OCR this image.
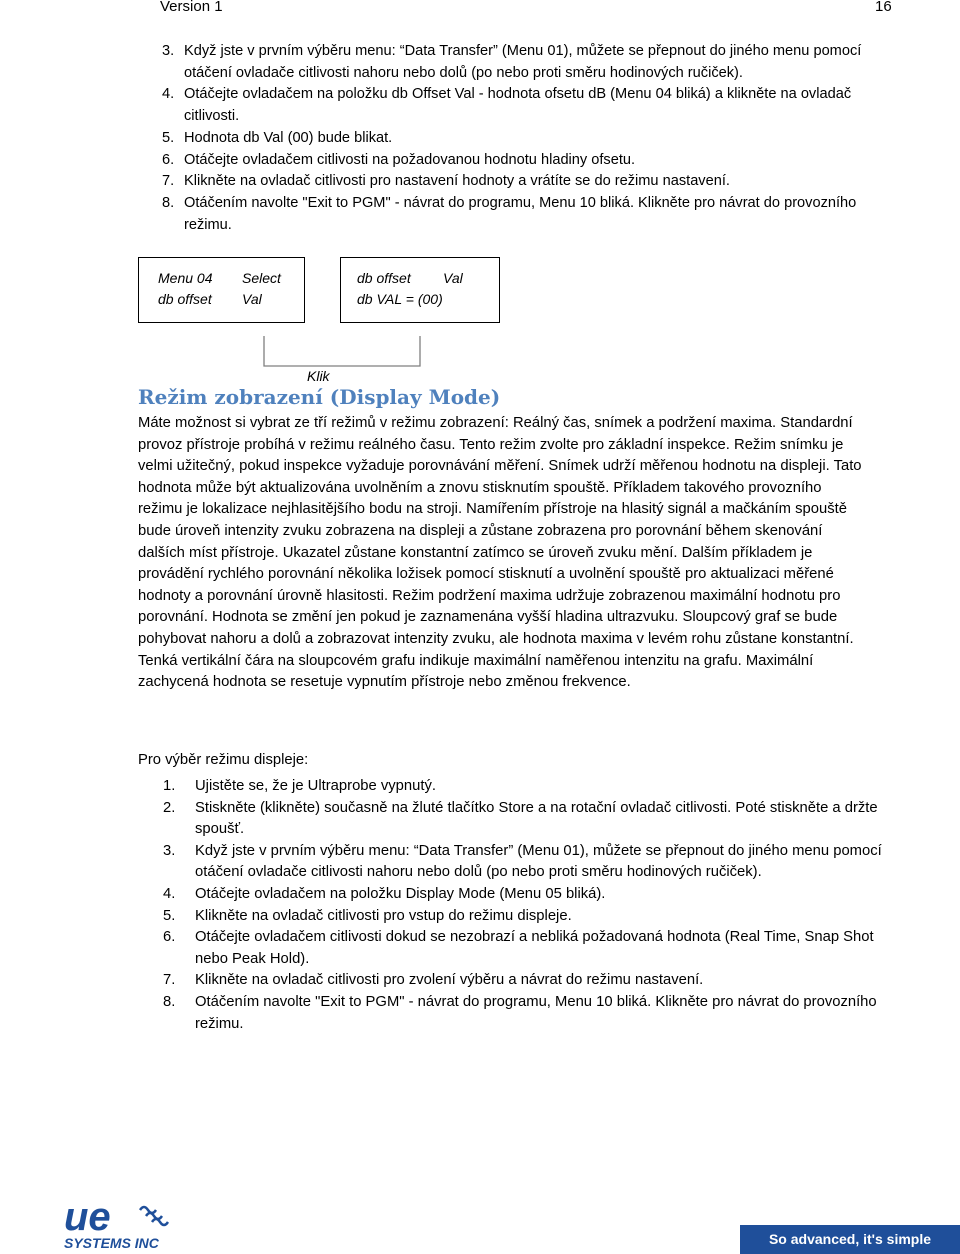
Version 1	16
3. Když jste v prvním výběru menu: “Data Transfer” (Menu 01), můžete se přepnout do jiného menu pomocí otáčení ovladače citlivosti nahoru nebo dolů (po nebo proti směru hodinových ručiček).
4. Otáčejte ovladačem na položku db Offset Val - hodnota ofsetu dB (Menu 04 bliká) a klikněte na ovladač citlivosti.
5. Hodnota db Val (00) bude blikat.
6. Otáčejte ovladačem citlivosti na požadovanou hodnotu hladiny ofsetu.
7. Klikněte na ovladač citlivosti pro nastavení hodnoty a vrátíte se do režimu nastavení.
8. Otáčením navolte "Exit to PGM" - návrat do programu, Menu 10 bliká. Klikněte pro návrat do provozního režimu.
Menu 04 Select
db offset Val
db offset Val
db VAL = (00)
Klik
Režim zobrazení (Display Mode)

Máte možnost si vybrat ze tří režimů v režimu zobrazení: Reálný čas, snímek a podržení maxima. Standardní provoz přístroje probíhá v režimu reálného času. Tento režim zvolte pro základní inspekce. Režim snímku je velmi užitečný, pokud inspekce vyžaduje porovnávání měření. Snímek udrží měřenou hodnotu na displeji. Tato hodnota může být aktualizována uvolněním a znovu stisknutím spouště. Příkladem takového provozního režimu je lokalizace nejhlasitějšího bodu na stroji. Namířením přístroje na hlasitý signál a mačkáním spouště bude úroveň intenzity zvuku zobrazena na displeji a zůstane zobrazena pro porovnání během skenování dalších míst přístroje. Ukazatel zůstane konstantní zatímco se úroveň zvuku mění. Dalším příkladem je provádění rychlého porovnání několika ložisek pomocí stisknutí a uvolnění spouště pro aktualizaci měřené hodnoty a porovnání úrovně hlasitosti. Režim podržení maxima udržuje zobrazenou maximální hodnotu pro porovnání. Hodnota se změní jen pokud je zaznamenána vyšší hladina ultrazvuku. Sloupcový graf se bude pohybovat nahoru a dolů a zobrazovat intenzity zvuku, ale hodnota maxima v levém rohu zůstane konstantní. Tenká vertikální čára na sloupcovém grafu indikuje maximální naměřenou intenzitu na grafu. Maximální zachycená hodnota se resetuje vypnutím přístroje nebo změnou frekvence.

Pro výběr režimu displeje:

1. Ujistěte se, že je Ultraprobe vypnutý.
2. Stiskněte (klikněte) současně na žluté tlačítko Store a na rotační ovladač citlivosti. Poté stiskněte a držte spoušť.
3. Když jste v prvním výběru menu: “Data Transfer” (Menu 01), můžete se přepnout do jiného menu pomocí otáčení ovladače citlivosti nahoru nebo dolů (po nebo proti směru hodinových ručiček).
4. Otáčejte ovladačem na položku Display Mode (Menu 05 bliká).
5. Klikněte na ovladač citlivosti pro vstup do režimu displeje.
6. Otáčejte ovladačem citlivosti dokud se nezobrazí a nebliká požadovaná hodnota (Real Time, Snap Shot nebo Peak Hold).
7. Klikněte na ovladač citlivosti pro zvolení výběru a návrat do režimu nastavení.
8. Otáčením navolte "Exit to PGM" - návrat do programu, Menu 10 bliká. Klikněte pro návrat do provozního režimu.
ue
SYSTEMS INC	So advanced, it's simple
